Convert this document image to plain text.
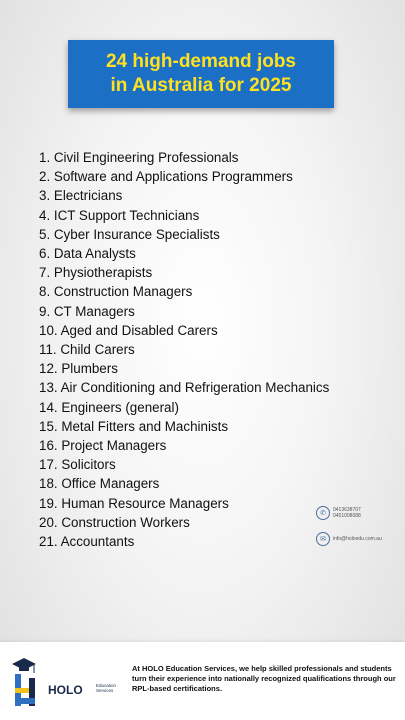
24 high-demand jobs
in Australia for 2025
1. Civil Engineering Professionals
2. Software and Applications Programmers
3. Electricians
4. ICT Support Technicians
5. Cyber Insurance Specialists
6. Data Analysts
7. Physiotherapists
8. Construction Managers
9. CT Managers
10. Aged and Disabled Carers
11. Child Carers
12. Plumbers
13. Air Conditioning and Refrigeration Mechanics
14. Engineers (general)
15. Metal Fitters and Machinists
16. Project Managers
17. Solicitors
18. Office Managers
19. Human Resource Managers
20. Construction Workers
21. Accountants
✆	0413638707
0451008088
✉	info@holoedu.com.au
HOLO	Education Services
At HOLO Education Services, we help skilled professionals and students turn their experience into nationally recognized qualifications through our RPL-based certifications.
